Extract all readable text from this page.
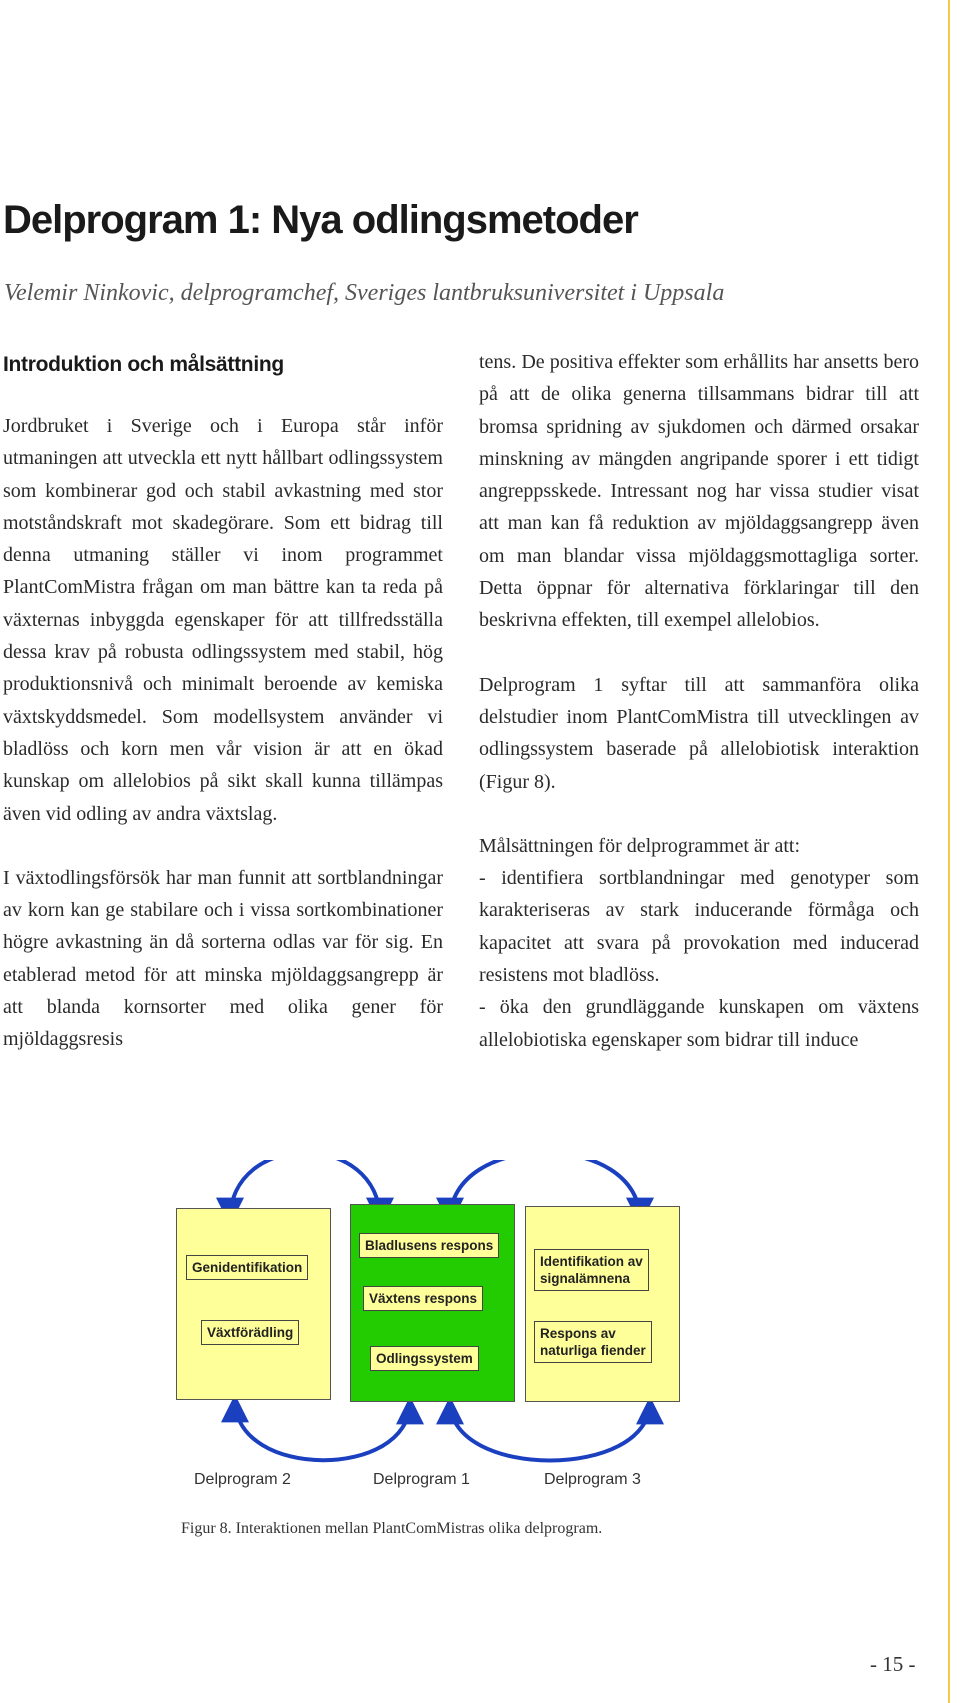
Delprogram 1: Nya odlingsmetoder

Velemir Ninkovic, delprogramchef, Sveriges lantbruksuniversitet i Uppsala

Introduktion och målsättning

Jordbruket i Sverige och i Europa står inför utmaningen att utveckla ett nytt hållbart odlingssystem som kombinerar god och stabil avkastning med stor motståndskraft mot skadegörare. Som ett bidrag till denna utmaning ställer vi inom programmet PlantComMistra frågan om man bättre kan ta reda på växternas inbyggda egenskaper för att tillfredsställa dessa krav på robusta odlingssystem med stabil, hög produktionsnivå och minimalt beroende av kemiska växtskyddsmedel. Som modellsystem använder vi bladlöss och korn men vår vision är att en ökad kunskap om allelobios på sikt skall kunna tillämpas även vid odling av andra växtslag.

I växtodlingsförsök har man funnit att sortblandningar av korn kan ge stabilare och i vissa sortkombinationer högre avkastning än då sorterna odlas var för sig. En etablerad metod för att minska mjöldaggsangrepp är att blanda kornsorter med olika gener för mjöldaggsresis

tens. De positiva effekter som erhållits har ansetts bero på att de olika generna tillsammans bidrar till att bromsa spridning av sjukdomen och därmed orsakar minskning av mängden angripande sporer i ett tidigt angreppsskede. Intressant nog har vissa studier visat att man kan få reduktion av mjöldaggsangrepp även om man blandar vissa mjöldaggsmottagliga sorter. Detta öppnar för alternativa förklaringar till den beskrivna effekten, till exempel allelobios.

Delprogram 1 syftar till att sammanföra olika delstudier inom PlantComMistra till utvecklingen av odlingssystem baserade på allelobiotisk interaktion (Figur 8).

Målsättningen för delprogrammet är att:
- identifiera sortblandningar med genotyper som karakteriseras av stark inducerande förmåga och kapacitet att svara på provokation med inducerad resistens mot bladlöss.
- öka den grundläggande kunskapen om växtens allelobiotiska egenskaper som bidrar till induce

Genidentifikation
Växtförädling
Bladlusens respons
Växtens respons
Odlingssystem
Identifikation av
signalämnena
Respons av
naturliga fiender
Delprogram 2	Delprogram 1	Delprogram 3

Figur 8. Interaktionen mellan PlantComMistras olika delprogram.

- 15 -
